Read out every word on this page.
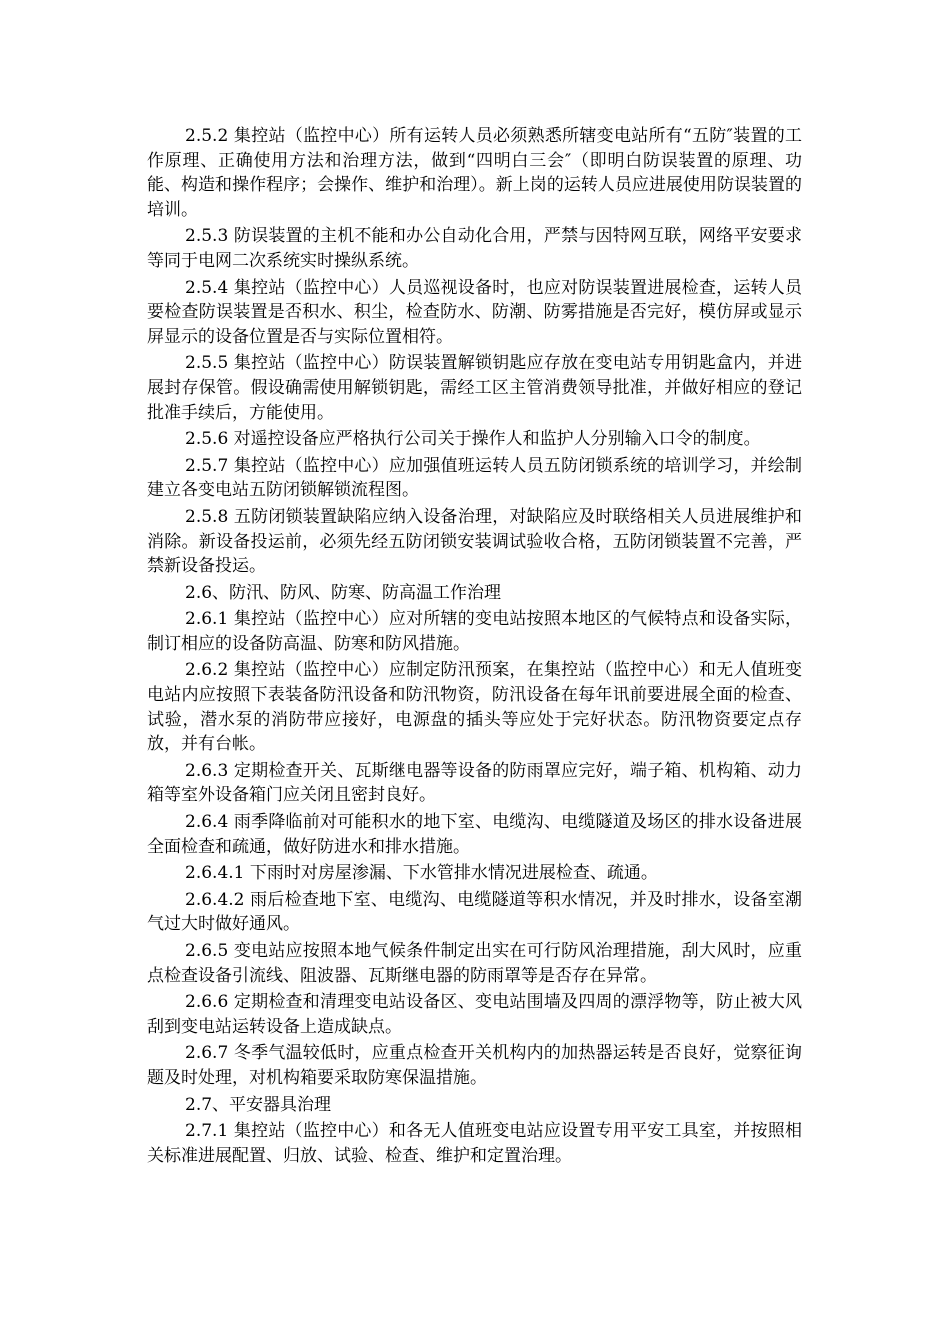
2.5.2 集控站（监控中心）所有运转人员必须熟悉所辖变电站所有“五防″装置的工作原理、正确使用方法和治理方法，做到“四明白三会″（即明白防误装置的原理、功能、构造和操作程序；会操作、维护和治理）。新上岗的运转人员应进展使用防误装置的培训。

2.5.3 防误装置的主机不能和办公自动化合用，严禁与因特网互联，网络平安要求等同于电网二次系统实时操纵系统。

2.5.4 集控站（监控中心）人员巡视设备时，也应对防误装置进展检查，运转人员要检查防误装置是否积水、积尘，检查防水、防潮、防雾措施是否完好，模仿屏或显示屏显示的设备位置是否与实际位置相符。

2.5.5 集控站（监控中心）防误装置解锁钥匙应存放在变电站专用钥匙盒内，并进展封存保管。假设确需使用解锁钥匙，需经工区主管消费领导批准，并做好相应的登记批准手续后，方能使用。

2.5.6 对遥控设备应严格执行公司关于操作人和监护人分别输入口令的制度。

2.5.7 集控站（监控中心）应加强值班运转人员五防闭锁系统的培训学习，并绘制建立各变电站五防闭锁解锁流程图。

2.5.8 五防闭锁装置缺陷应纳入设备治理，对缺陷应及时联络相关人员进展维护和消除。新设备投运前，必须先经五防闭锁安装调试验收合格，五防闭锁装置不完善，严禁新设备投运。

2.6、防汛、防风、防寒、防高温工作治理

2.6.1 集控站（监控中心）应对所辖的变电站按照本地区的气候特点和设备实际，制订相应的设备防高温、防寒和防风措施。

2.6.2 集控站（监控中心）应制定防汛预案，在集控站（监控中心）和无人值班变电站内应按照下表装备防汛设备和防汛物资，防汛设备在每年讯前要进展全面的检查、试验，潜水泵的消防带应接好，电源盘的插头等应处于完好状态。防汛物资要定点存放，并有台帐。

2.6.3 定期检查开关、瓦斯继电器等设备的防雨罩应完好，端子箱、机构箱、动力箱等室外设备箱门应关闭且密封良好。

2.6.4 雨季降临前对可能积水的地下室、电缆沟、电缆隧道及场区的排水设备进展全面检查和疏通，做好防进水和排水措施。

2.6.4.1 下雨时对房屋渗漏、下水管排水情况进展检查、疏通。

2.6.4.2 雨后检查地下室、电缆沟、电缆隧道等积水情况，并及时排水，设备室潮气过大时做好通风。

2.6.5 变电站应按照本地气候条件制定出实在可行防风治理措施，刮大风时，应重点检查设备引流线、阻波器、瓦斯继电器的防雨罩等是否存在异常。

2.6.6 定期检查和清理变电站设备区、变电站围墙及四周的漂浮物等，防止被大风刮到变电站运转设备上造成缺点。

2.6.7 冬季气温较低时，应重点检查开关机构内的加热器运转是否良好，觉察征询题及时处理，对机构箱要采取防寒保温措施。

2.7、平安器具治理

2.7.1 集控站（监控中心）和各无人值班变电站应设置专用平安工具室，并按照相关标准进展配置、归放、试验、检查、维护和定置治理。
